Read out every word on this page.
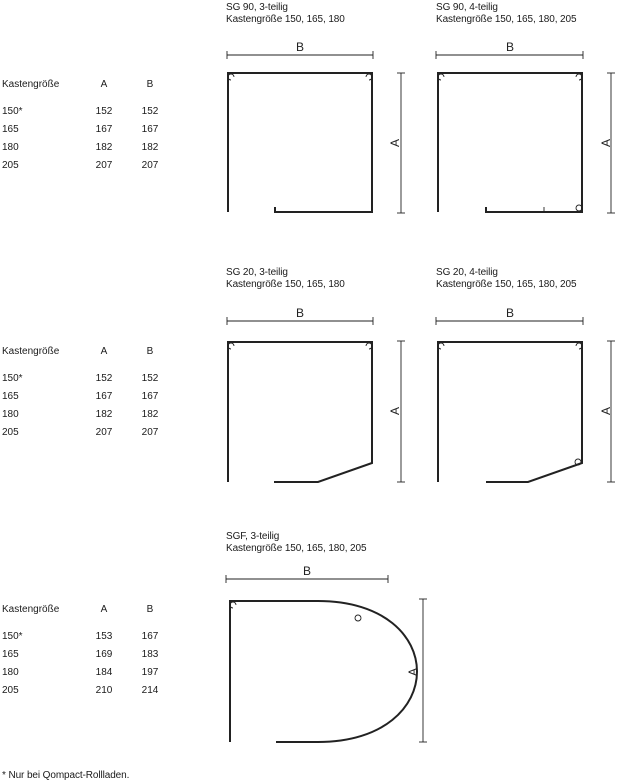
Kastengröße	A	B
150*	152	152
165	167	167
180	182	182
205	207	207
SG 90, 3-teilig
Kastengröße 150, 165, 180
SG 90, 4-teilig
Kastengröße 150, 165, 180, 205
Kastengröße	A	B
150*	152	152
165	167	167
180	182	182
205	207	207
SG 20, 3-teilig
Kastengröße 150, 165, 180
SG 20, 4-teilig
Kastengröße 150, 165, 180, 205
Kastengröße	A	B
150*	153	167
165	169	183
180	184	197
205	210	214
SGF, 3-teilig
Kastengröße 150, 165, 180, 205
* Nur bei Qompact-Rollladen.
B
A
B
A
B
A
B
A
B
A
